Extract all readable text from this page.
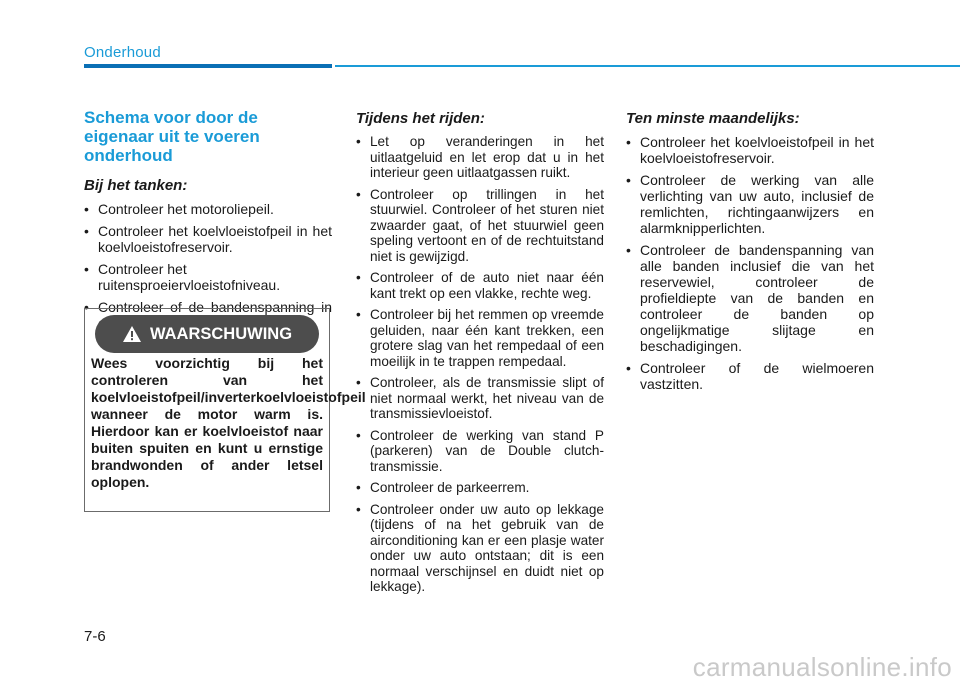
Onderhoud
Schema voor door de eigenaar uit te voeren onderhoud
Bij het tanken:
• Controleer het motoroliepeil.
• Controleer het koelvloeistofpeil in het koelvloeistofreservoir.
• Controleer het ruitensproeiervloeistofniveau.
• Controleer of de bandenspanning in
WAARSCHUWING
Wees voorzichtig bij het controleren van het koelvloeistofpeil/inverterkoelvloeistofpeil wanneer de motor warm is. Hierdoor kan er koelvloeistof naar buiten spuiten en kunt u ernstige brandwonden of ander letsel oplopen.
Tijdens het rijden:
• Let op veranderingen in het uitlaatgeluid en let erop dat u in het interieur geen uitlaatgassen ruikt.
• Controleer op trillingen in het stuurwiel. Controleer of het sturen niet zwaarder gaat, of het stuurwiel geen speling vertoont en of de rechtuitstand niet is gewijzigd.
• Controleer of de auto niet naar één kant trekt op een vlakke, rechte weg.
• Controleer bij het remmen op vreemde geluiden, naar één kant trekken, een grotere slag van het rempedaal of een moeilijk in te trappen rempedaal.
• Controleer, als de transmissie slipt of niet normaal werkt, het niveau van de transmissievloeistof.
• Controleer de werking van stand P (parkeren) van de Double clutch-transmissie.
• Controleer de parkeerrem.
• Controleer onder uw auto op lekkage (tijdens of na het gebruik van de airconditioning kan er een plasje water onder uw auto ontstaan; dit is een normaal verschijnsel en duidt niet op lekkage).
Ten minste maandelijks:
• Controleer het koelvloeistofpeil in het koelvloeistofreservoir.
• Controleer de werking van alle verlichting van uw auto, inclusief de remlichten, richtingaanwijzers en alarmknipperlichten.
• Controleer de bandenspanning van alle banden inclusief die van het reservewiel, controleer de profieldiepte van de banden en controleer de banden op ongelijkmatige slijtage en beschadigingen.
• Controleer of de wielmoeren vastzitten.
7-6
carmanualsonline.info
